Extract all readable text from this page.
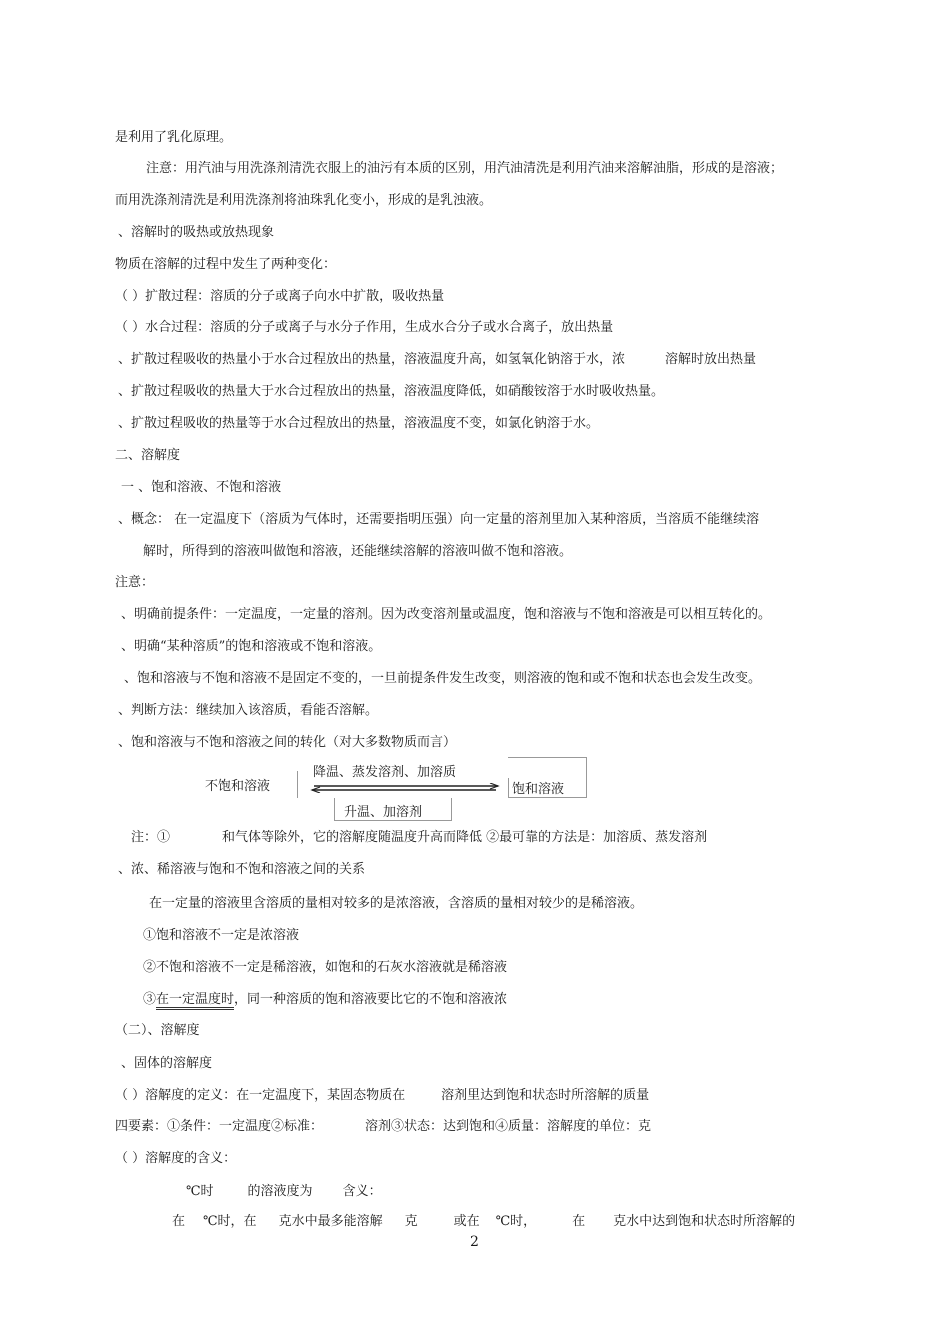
是利用了乳化原理。
注意：用汽油与用洗涤剂清洗衣服上的油污有本质的区别，用汽油清洗是利用汽油来溶解油脂，形成的是溶液；
而用洗涤剂清洗是利用洗涤剂将油珠乳化变小，形成的是乳浊液。
、溶解时的吸热或放热现象
物质在溶解的过程中发生了两种变化：
（ ）扩散过程：溶质的分子或离子向水中扩散，吸收热量
（ ）水合过程：溶质的分子或离子与水分子作用，生成水合分子或水合离子，放出热量
、扩散过程吸收的热量小于水合过程放出的热量，溶液温度升高，如氢氧化钠溶于水，浓	溶解时放出热量
、扩散过程吸收的热量大于水合过程放出的热量，溶液温度降低，如硝酸铵溶于水时吸收热量。
、扩散过程吸收的热量等于水合过程放出的热量，溶液温度不变，如氯化钠溶于水。
二、溶解度
一 、饱和溶液、不饱和溶液
、概念： 在一定温度下（溶质为气体时，还需要指明压强）向一定量的溶剂里加入某种溶质，当溶质不能继续溶
解时，所得到的溶液叫做饱和溶液，还能继续溶解的溶液叫做不饱和溶液。
注意：
、明确前提条件：一定温度，一定量的溶剂。因为改变溶剂量或温度，饱和溶液与不饱和溶液是可以相互转化的。
、明确“某种溶质”的饱和溶液或不饱和溶液。
、饱和溶液与不饱和溶液不是固定不变的，一旦前提条件发生改变，则溶液的饱和或不饱和状态也会发生改变。
、判断方法：继续加入该溶质，看能否溶解。
、饱和溶液与不饱和溶液之间的转化（对大多数物质而言）
不饱和溶液
降温、蒸发溶剂、加溶质
饱和溶液
升温、加溶剂
注：①	和气体等除外，它的溶解度随温度升高而降低 ②最可靠的方法是：加溶质、蒸发溶剂
、浓、稀溶液与饱和不饱和溶液之间的关系
在一定量的溶液里含溶质的量相对较多的是浓溶液，含溶质的量相对较少的是稀溶液。
①饱和溶液不一定是浓溶液
②不饱和溶液不一定是稀溶液，如饱和的石灰水溶液就是稀溶液
③在一定温度时，同一种溶质的饱和溶液要比它的不饱和溶液浓
（二）、溶解度
、固体的溶解度
（ ）溶解度的定义：在一定温度下，某固态物质在	溶剂里达到饱和状态时所溶解的质量
四要素：①条件：一定温度②标准：	溶剂③状态：达到饱和④质量：溶解度的单位：克
（ ）溶解度的含义：
℃时	的溶液度为 含义：
在 ℃时，在 克水中最多能溶解 克	或在 ℃时，	在 克水中达到饱和状态时所溶解的
2
